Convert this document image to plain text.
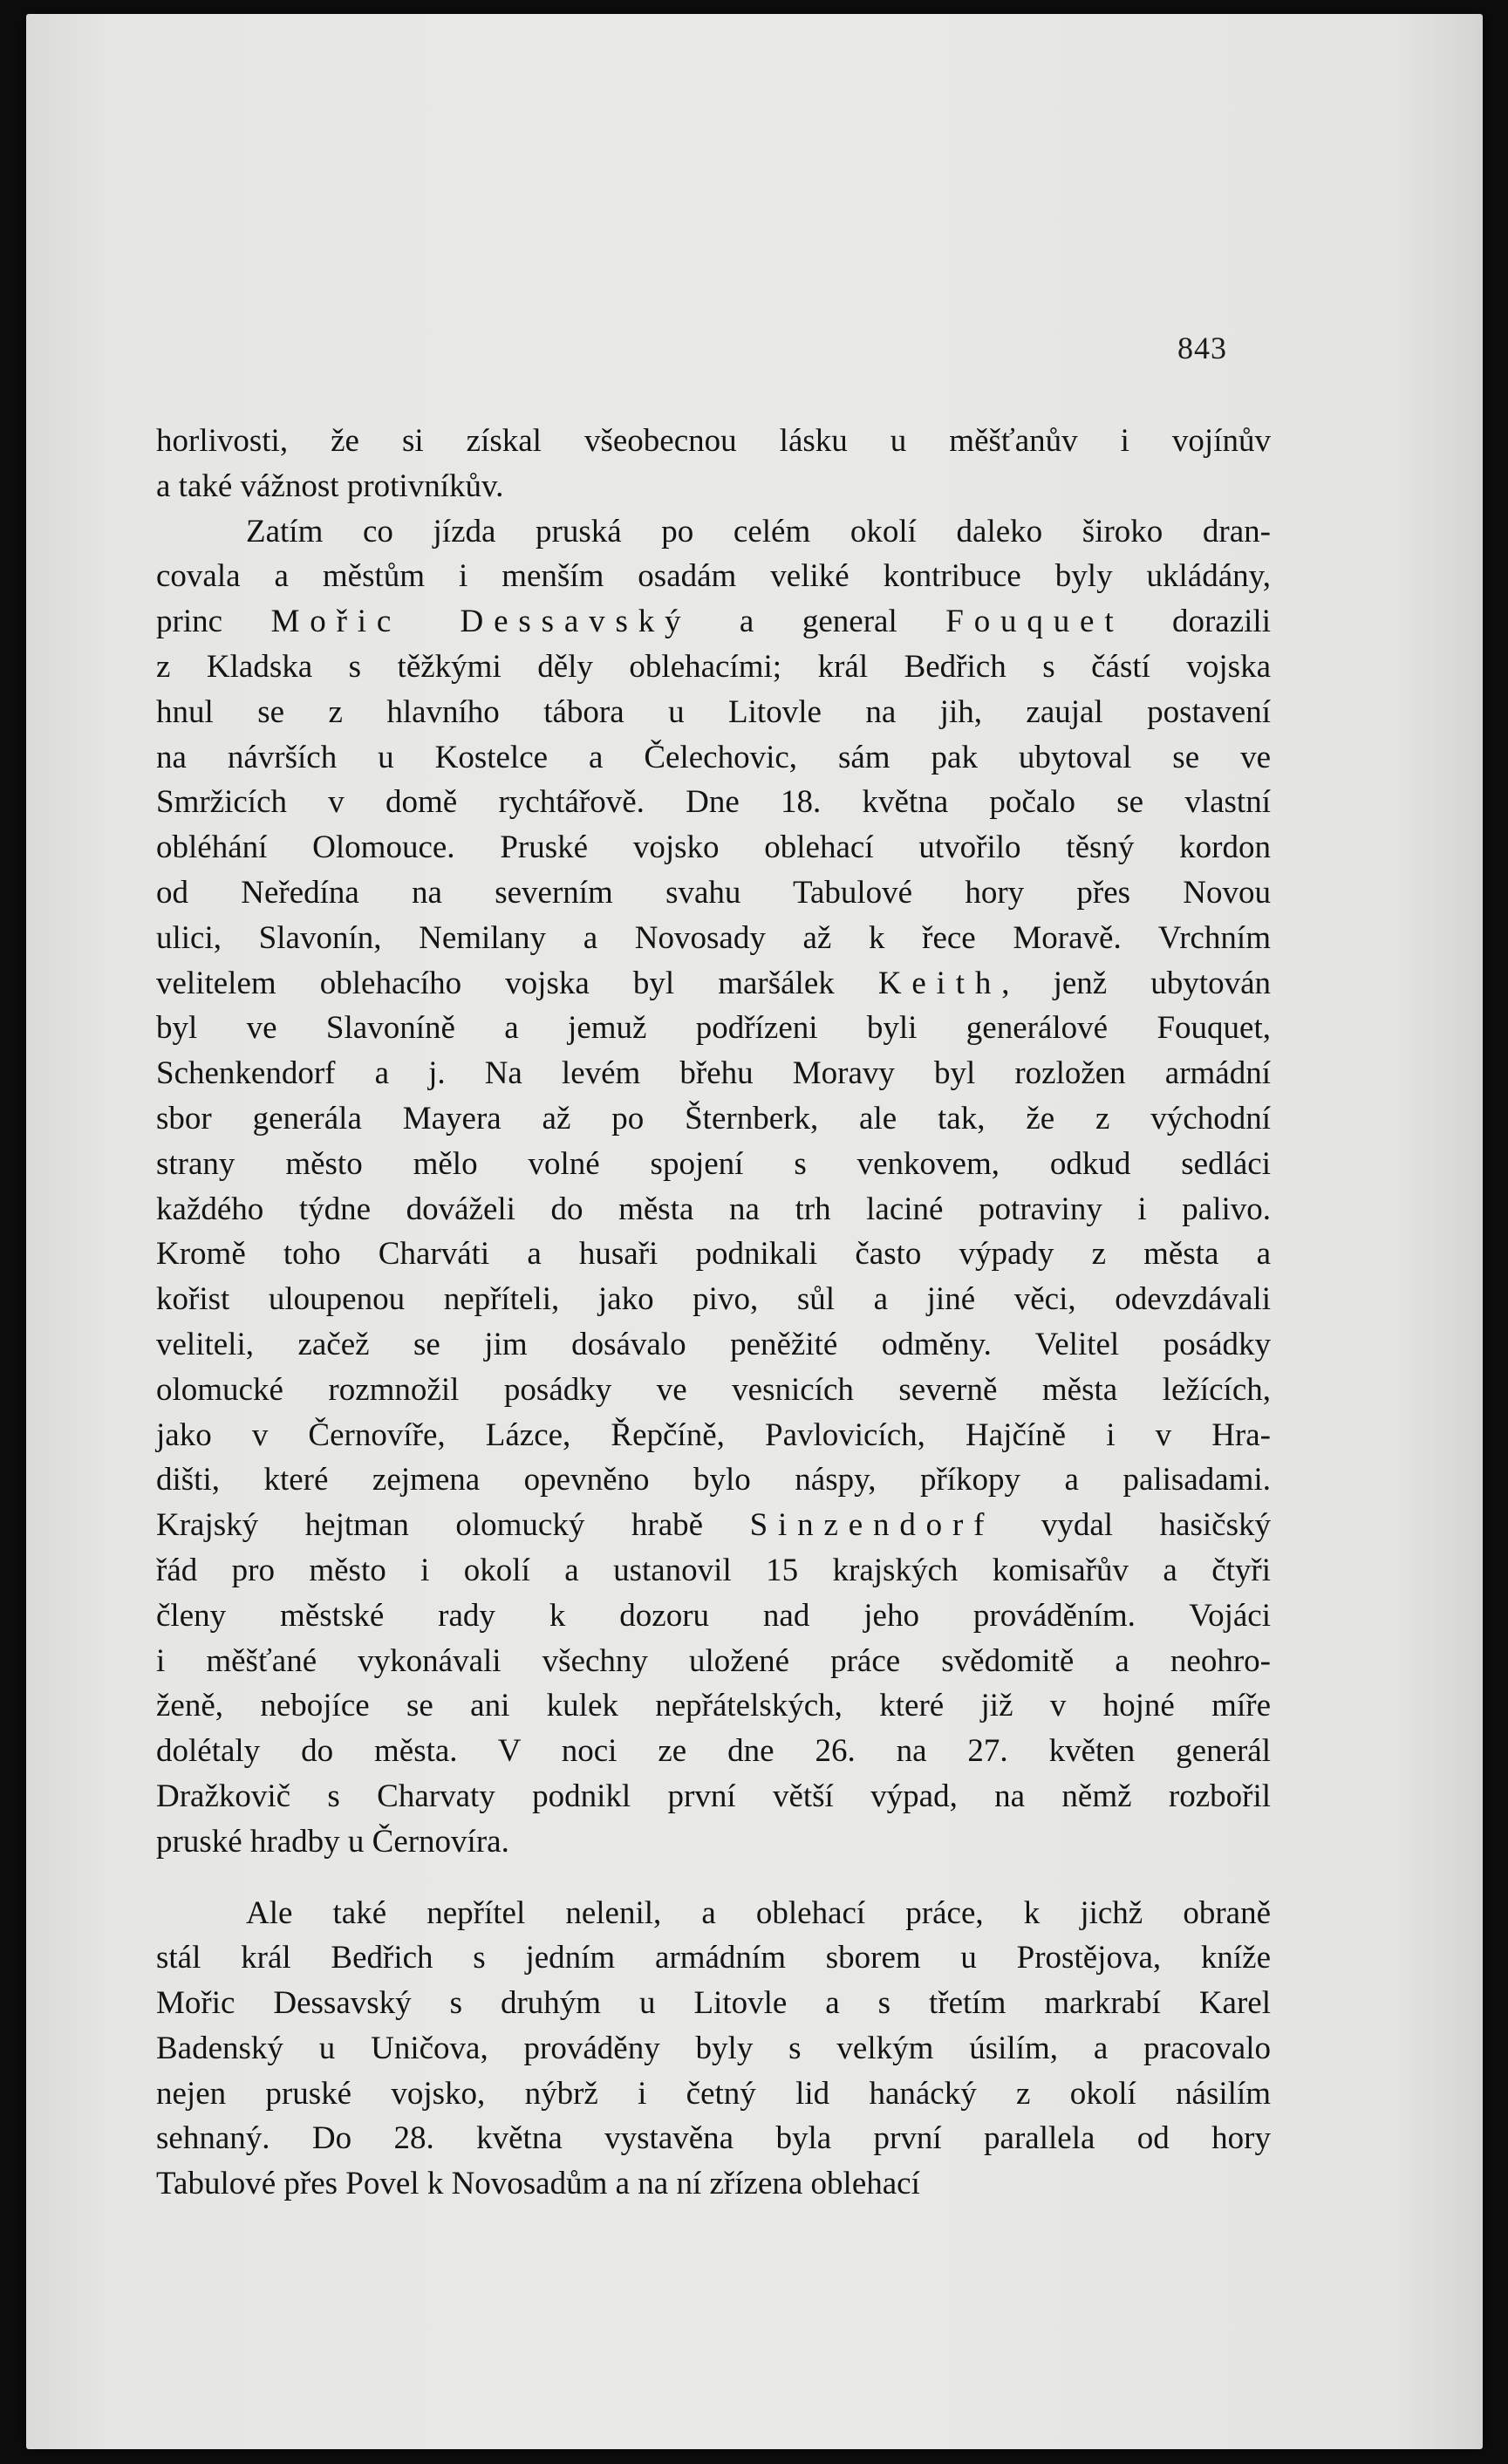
843
horlivosti, že si získal všeobecnou lásku u měšťanův i vojínův
a také vážnost protivníkův.
Zatím co jízda pruská po celém okolí daleko široko dran-
covala a městům i menším osadám veliké kontribuce byly ukládány,
princ Mořic Dessavský a general Fouquet dorazili
z Kladska s těžkými děly oblehacími; král Bedřich s částí vojska
hnul se z hlavního tábora u Litovle na jih, zaujal postavení
na návrších u Kostelce a Čelechovic, sám pak ubytoval se ve
Smržicích v domě rychtářově. Dne 18. května počalo se vlastní
obléhání Olomouce. Pruské vojsko oblehací utvořilo těsný kordon
od Neředína na severním svahu Tabulové hory přes Novou
ulici, Slavonín, Nemilany a Novosady až k řece Moravě. Vrchním
velitelem oblehacího vojska byl maršálek Keith, jenž ubytován
byl ve Slavoníně a jemuž podřízeni byli generálové Fouquet,
Schenkendorf a j. Na levém břehu Moravy byl rozložen armádní
sbor generála Mayera až po Šternberk, ale tak, že z východní
strany město mělo volné spojení s venkovem, odkud sedláci
každého týdne dováželi do města na trh laciné potraviny i palivo.
Kromě toho Charváti a husaři podnikali často výpady z města a
kořist uloupenou nepříteli, jako pivo, sůl a jiné věci, odevzdávali
veliteli, začež se jim dosávalo peněžité odměny. Velitel posádky
olomucké rozmnožil posádky ve vesnicích severně města ležících,
jako v Černovíře, Lázce, Řepčíně, Pavlovicích, Hajčíně i v Hra-
dišti, které zejmena opevněno bylo náspy, příkopy a palisadami.
Krajský hejtman olomucký hrabě Sinzendorf vydal hasičský
řád pro město i okolí a ustanovil 15 krajských komisařův a čtyři
členy městské rady k dozoru nad jeho prováděním. Vojáci
i měšťané vykonávali všechny uložené práce svědomitě a neohro-
ženě, nebojíce se ani kulek nepřátelských, které již v hojné míře
dolétaly do města. V noci ze dne 26. na 27. květen generál
Dražkovič s Charvaty podnikl první větší výpad, na němž rozbořil
pruské hradby u Černovíra.
Ale také nepřítel nelenil, a oblehací práce, k jichž obraně
stál král Bedřich s jedním armádním sborem u Prostějova, kníže
Mořic Dessavský s druhým u Litovle a s třetím markrabí Karel
Badenský u Uničova, prováděny byly s velkým úsilím, a pracovalo
nejen pruské vojsko, nýbrž i četný lid hanácký z okolí násilím
sehnaný. Do 28. května vystavěna byla první parallela od hory
Tabulové přes Povel k Novosadům a na ní zřízena oblehací
